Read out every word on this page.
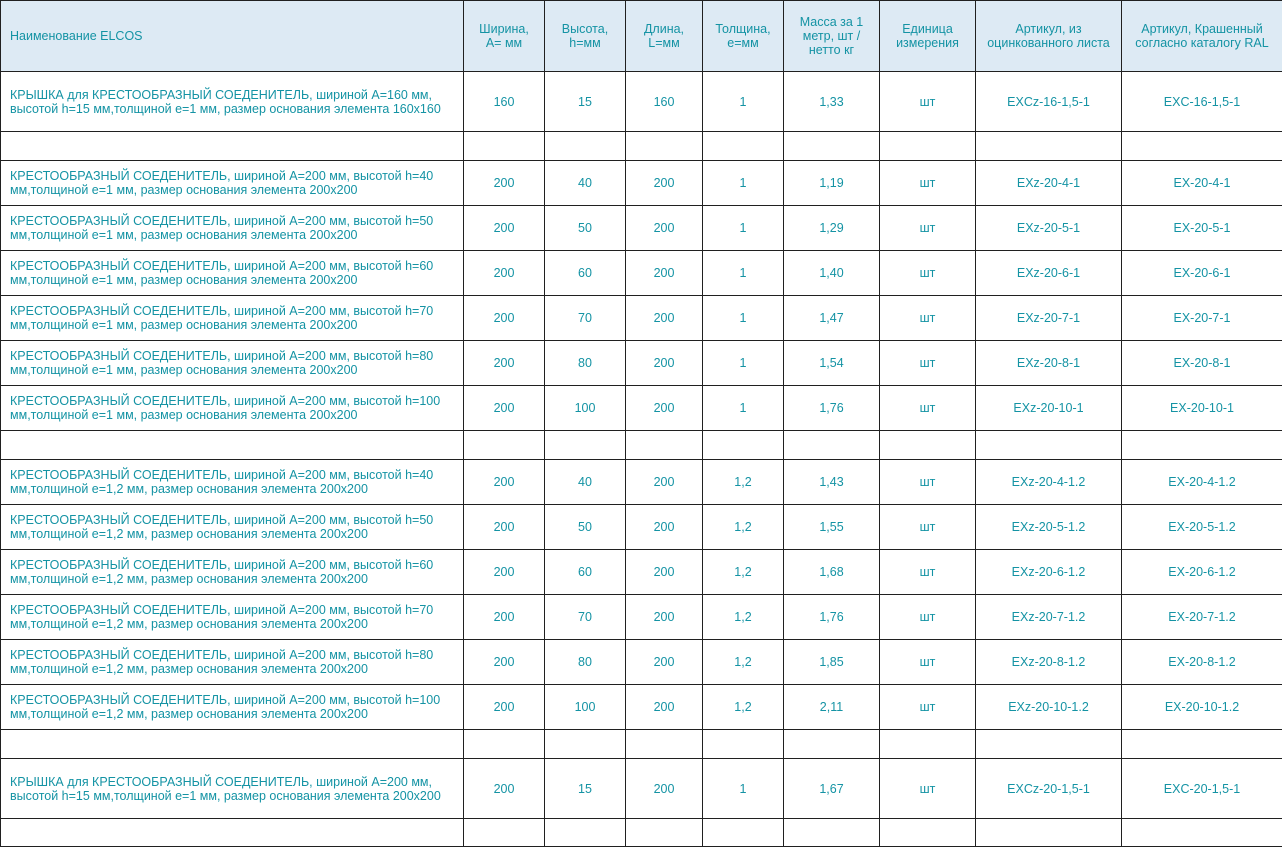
Наименование ELCOS	Ширина, А= мм	Высота, h=мм	Длина, L=мм	Толщина, е=мм	Масса за 1 метр, шт / нетто кг	Единица измерения	Артикул, из оцинкованного листа	Артикул, Крашенный согласно каталогу RAL
КРЫШКА для КРЕСТООБРАЗНЫЙ СОЕДЕНИТЕЛЬ, шириной А=160 мм, высотой h=15 мм,толщиной е=1 мм, размер основания элемента 160x160	160	15	160	1	1,33	шт	EXCz-16-1,5-1	EXC-16-1,5-1

КРЕСТООБРАЗНЫЙ СОЕДЕНИТЕЛЬ, шириной А=200 мм, высотой h=40 мм,толщиной е=1 мм, размер основания элемента 200x200	200	40	200	1	1,19	шт	EXz-20-4-1	EX-20-4-1
КРЕСТООБРАЗНЫЙ СОЕДЕНИТЕЛЬ, шириной А=200 мм, высотой h=50 мм,толщиной е=1 мм, размер основания элемента 200x200	200	50	200	1	1,29	шт	EXz-20-5-1	EX-20-5-1
КРЕСТООБРАЗНЫЙ СОЕДЕНИТЕЛЬ, шириной А=200 мм, высотой h=60 мм,толщиной е=1 мм, размер основания элемента 200x200	200	60	200	1	1,40	шт	EXz-20-6-1	EX-20-6-1
КРЕСТООБРАЗНЫЙ СОЕДЕНИТЕЛЬ, шириной А=200 мм, высотой h=70 мм,толщиной е=1 мм, размер основания элемента 200x200	200	70	200	1	1,47	шт	EXz-20-7-1	EX-20-7-1
КРЕСТООБРАЗНЫЙ СОЕДЕНИТЕЛЬ, шириной А=200 мм, высотой h=80 мм,толщиной е=1 мм, размер основания элемента 200x200	200	80	200	1	1,54	шт	EXz-20-8-1	EX-20-8-1
КРЕСТООБРАЗНЫЙ СОЕДЕНИТЕЛЬ, шириной А=200 мм, высотой h=100 мм,толщиной е=1 мм, размер основания элемента 200x200	200	100	200	1	1,76	шт	EXz-20-10-1	EX-20-10-1

КРЕСТООБРАЗНЫЙ СОЕДЕНИТЕЛЬ, шириной А=200 мм, высотой h=40 мм,толщиной е=1,2 мм, размер основания элемента 200x200	200	40	200	1,2	1,43	шт	EXz-20-4-1.2	EX-20-4-1.2
КРЕСТООБРАЗНЫЙ СОЕДЕНИТЕЛЬ, шириной А=200 мм, высотой h=50 мм,толщиной е=1,2 мм, размер основания элемента 200x200	200	50	200	1,2	1,55	шт	EXz-20-5-1.2	EX-20-5-1.2
КРЕСТООБРАЗНЫЙ СОЕДЕНИТЕЛЬ, шириной А=200 мм, высотой h=60 мм,толщиной е=1,2 мм, размер основания элемента 200x200	200	60	200	1,2	1,68	шт	EXz-20-6-1.2	EX-20-6-1.2
КРЕСТООБРАЗНЫЙ СОЕДЕНИТЕЛЬ, шириной А=200 мм, высотой h=70 мм,толщиной е=1,2 мм, размер основания элемента 200x200	200	70	200	1,2	1,76	шт	EXz-20-7-1.2	EX-20-7-1.2
КРЕСТООБРАЗНЫЙ СОЕДЕНИТЕЛЬ, шириной А=200 мм, высотой h=80 мм,толщиной е=1,2 мм, размер основания элемента 200x200	200	80	200	1,2	1,85	шт	EXz-20-8-1.2	EX-20-8-1.2
КРЕСТООБРАЗНЫЙ СОЕДЕНИТЕЛЬ, шириной А=200 мм, высотой h=100 мм,толщиной е=1,2 мм, размер основания элемента 200x200	200	100	200	1,2	2,11	шт	EXz-20-10-1.2	EX-20-10-1.2

КРЫШКА для КРЕСТООБРАЗНЫЙ СОЕДЕНИТЕЛЬ, шириной А=200 мм, высотой h=15 мм,толщиной е=1 мм, размер основания элемента 200x200	200	15	200	1	1,67	шт	EXCz-20-1,5-1	EXC-20-1,5-1
